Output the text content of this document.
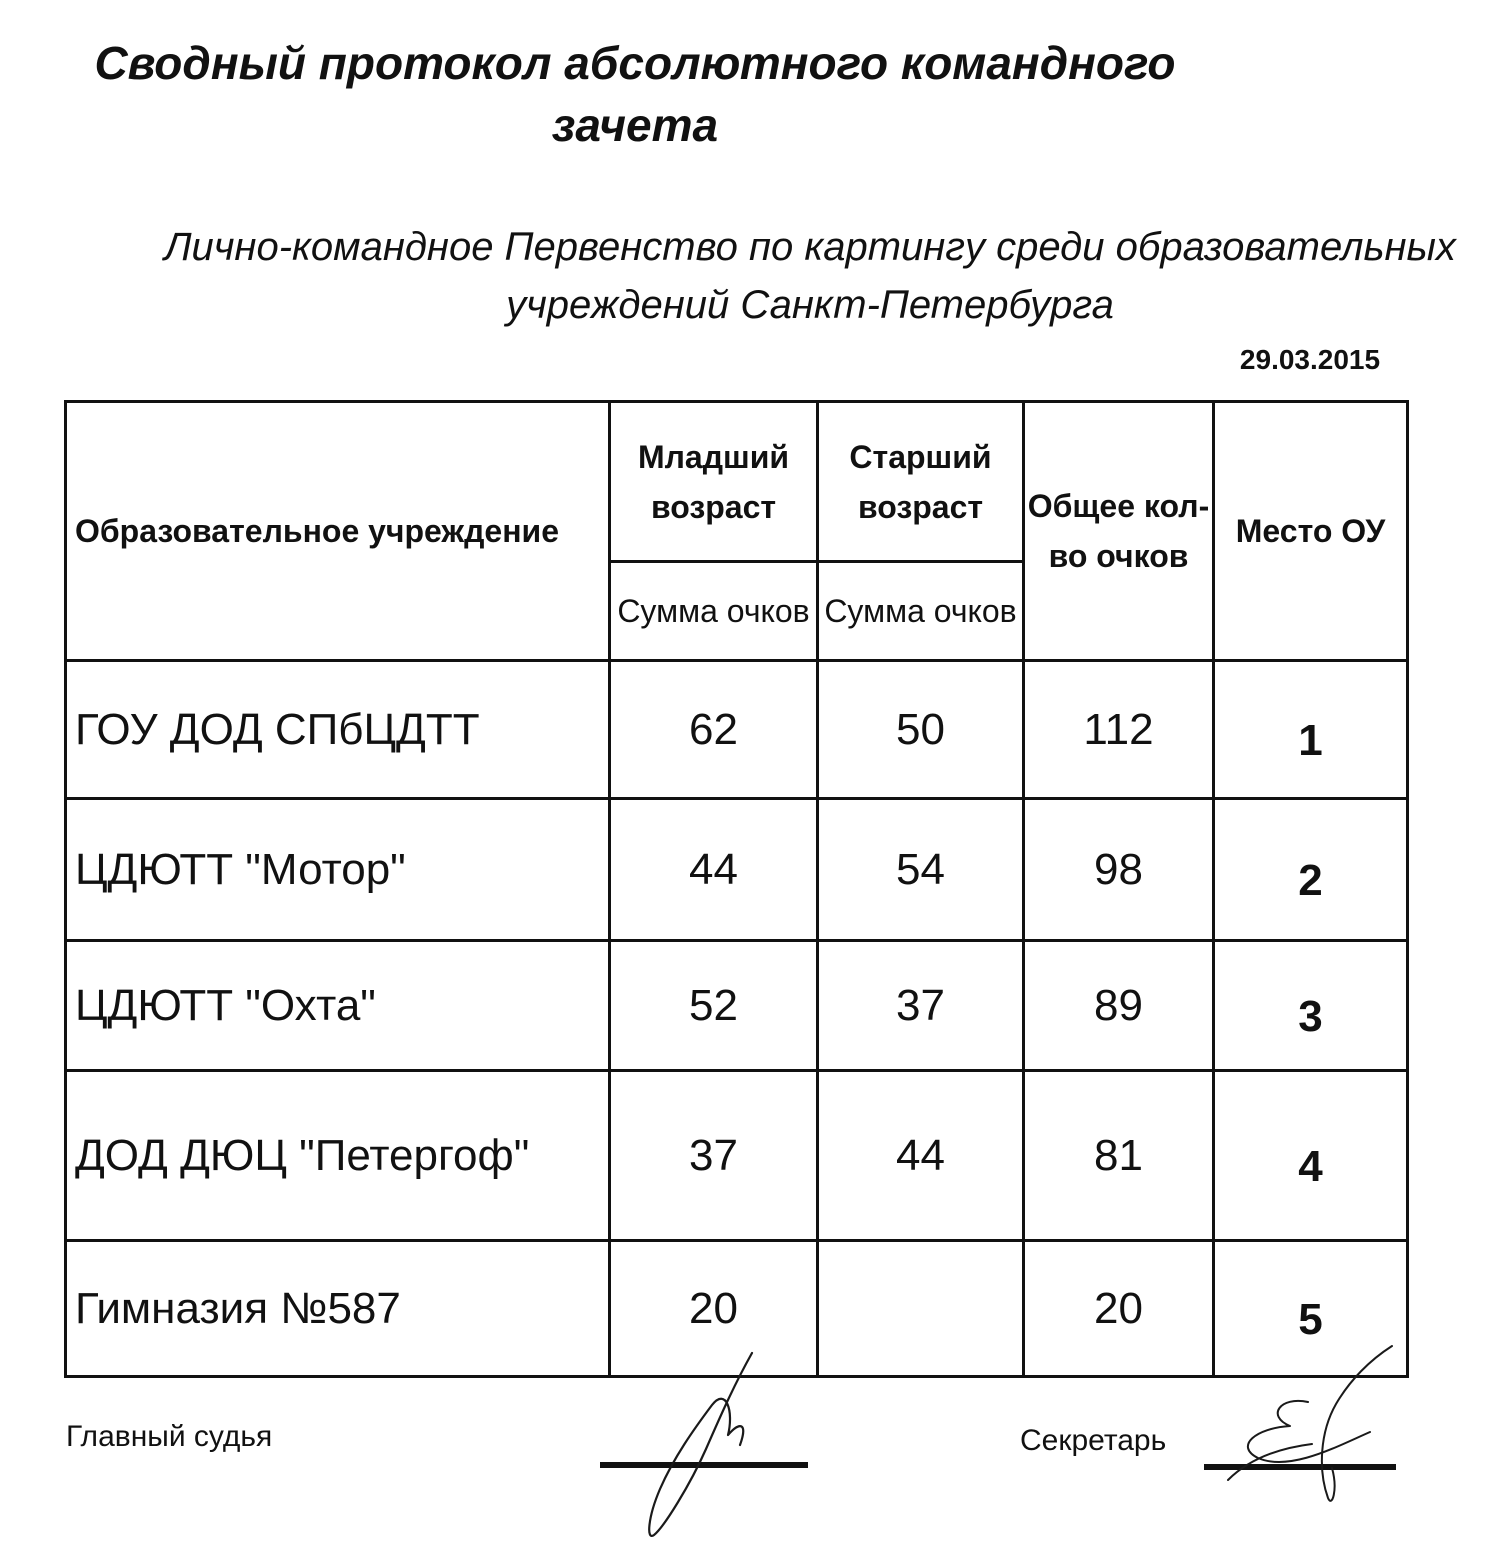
Сводный протокол абсолютного командного
зачета
Лично-командное Первенство по картингу среди образовательных
учреждений Санкт-Петербурга
29.03.2015
Образовательное учреждение	Младший возраст	Старший возраст	Общее кол-во очков	Место ОУ
	Сумма очков	Сумма очков		
ГОУ ДОД СПбЦДТТ	62	50	112	1
ЦДЮТТ "Мотор"	44	54	98	2
ЦДЮТТ "Охта"	52	37	89	3
ДОД ДЮЦ "Петергоф"	37	44	81	4
Гимназия №587	20		20	5
Главный судья	Секретарь
